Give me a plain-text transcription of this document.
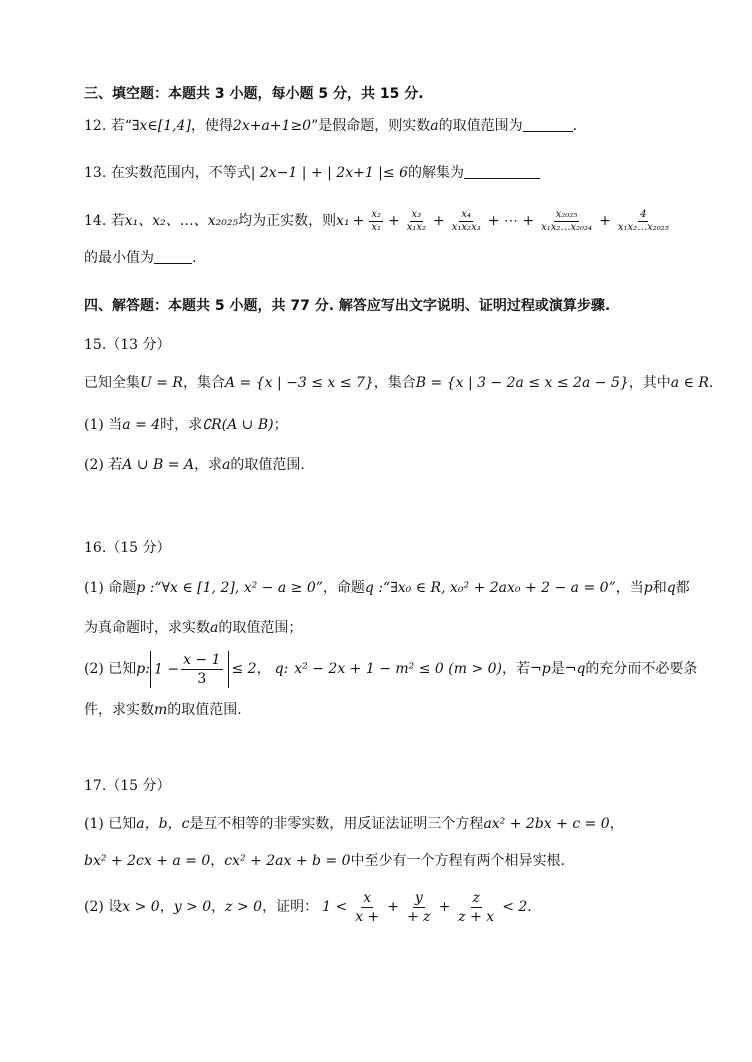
三、填空题：本题共 3 小题，每小题 5 分，共 15 分.
12. 若“∃x∈[1,4]，使得2x+a+1≥0”是假命题，则实数a的取值范围为	.
13. 在实数范围内，不等式| 2x−1 | + | 2x+1 |≤ 6的解集为
14. 若 x₁、x₂、…、x₂₀₂₅ 均为正实数，则 $x_1 + \frac{\text{x₂}}{\text{x₁}} + \frac{\text{x₃}}{\text{x₁x₂}} + \frac{\text{x₄}}{\text{x₁x₂x₃}}$ + ⋯ + $\frac{\text{x₂₀₂₅}}{\text{x₁x₂…x₂₀₂₄}} + \frac{4}{\text{x₁x₂…x₂₀₂₅}}$
的最小值为	.
四、解答题：本题共 5 小题，共 77 分. 解答应写出文字说明、证明过程或演算步骤.
15.（13 分）
已知全集U = R，集合A = {x | −3 ≤ x ≤ 7}，集合B = {x | 3 − 2a ≤ x ≤ 2a − 5}，其中a ∈ R.
(1) 当a = 4时，求∁R(A ∪ B)；
(2) 若A ∪ B = A，求a的取值范围.
16.（15 分）
(1) 命题p :“∀x ∈ [1, 2], x² − a ≥ 0”，命题q :“∃x₀ ∈ R, x₀² + 2ax₀ + 2 − a = 0”，当p和q都
为真命题时，求实数a的取值范围；
(2) 已知 p: $1 - \frac{x - 1}{3} \le 2$ ， q: x² − 2x + 1 − m² ≤ 0 (m > 0) ，若 ¬p 是 ¬q 的充分而不必要条
件，求实数m的取值范围.
17.（15 分）
(1) 已知a，b，c是互不相等的非零实数，用反证法证明三个方程ax² + 2bx + c = 0，
bx² + 2cx + a = 0，cx² + 2ax + b = 0中至少有一个方程有两个相异实根.
(2) 设 x > 0 ， y > 0 ， z > 0 ，证明： $1 < \frac{x}{x +} + \frac{y}{+ z} + \frac{z}{z + x} < 2$.
